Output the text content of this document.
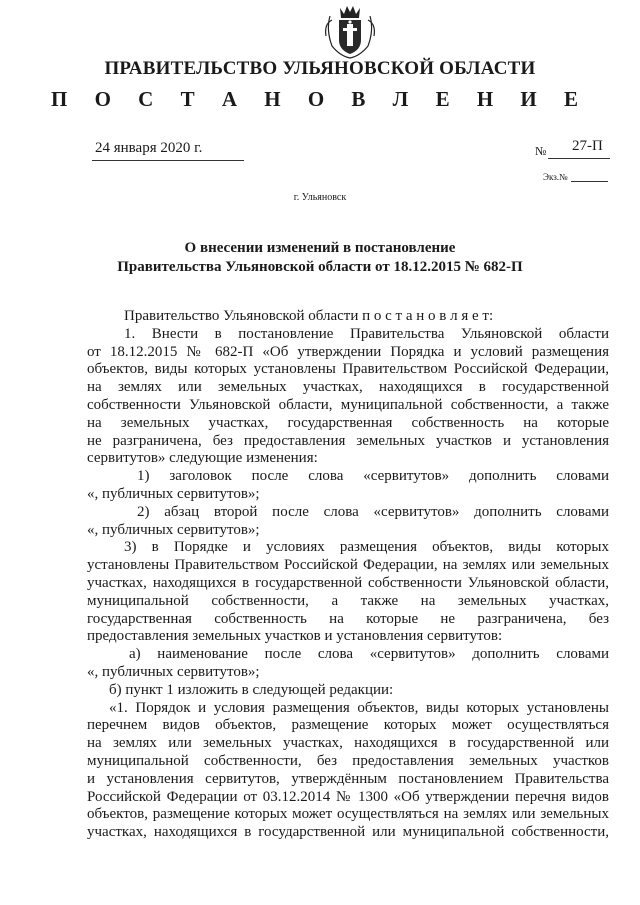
ПРАВИТЕЛЬСТВО УЛЬЯНОВСКОЙ ОБЛАСТИ
П О С Т А Н О В Л Е Н И Е
24 января 2020 г.	№ 27-П
Экз.№
г. Ульяновск
О внесении изменений в постановление
Правительства Ульяновской области от 18.12.2015 № 682-П

Правительство Ульяновской области п о с т а н о в л я е т:

1. Внести в постановление Правительства Ульяновской области

от 18.12.2015 № 682-П «Об утверждении Порядка и условий размещения

объектов, виды которых установлены Правительством Российской Федерации,

на землях или земельных участках, находящихся в государственной

собственности Ульяновской области, муниципальной собственности, а также

на земельных участках, государственная собственность на которые

не разграничена, без предоставления земельных участков и установления

сервитутов» следующие изменения:

1) заголовок после слова «сервитутов» дополнить словами

«, публичных сервитутов»;

2) абзац второй после слова «сервитутов» дополнить словами

«, публичных сервитутов»;

3) в Порядке и условиях размещения объектов, виды которых

установлены Правительством Российской Федерации, на землях или земельных

участках, находящихся в государственной собственности Ульяновской области,

муниципальной собственности, а также на земельных участках,

государственная собственность на которые не разграничена, без

предоставления земельных участков и установления сервитутов:

а) наименование после слова «сервитутов» дополнить словами

«, публичных сервитутов»;

б) пункт 1 изложить в следующей редакции:

«1. Порядок и условия размещения объектов, виды которых установлены

перечнем видов объектов, размещение которых может осуществляться

на землях или земельных участках, находящихся в государственной или

муниципальной собственности, без предоставления земельных участков

и установления сервитутов, утверждённым постановлением Правительства

Российской Федерации от 03.12.2014 № 1300 «Об утверждении перечня видов

объектов, размещение которых может осуществляться на землях или земельных

участках, находящихся в государственной или муниципальной собственности,
